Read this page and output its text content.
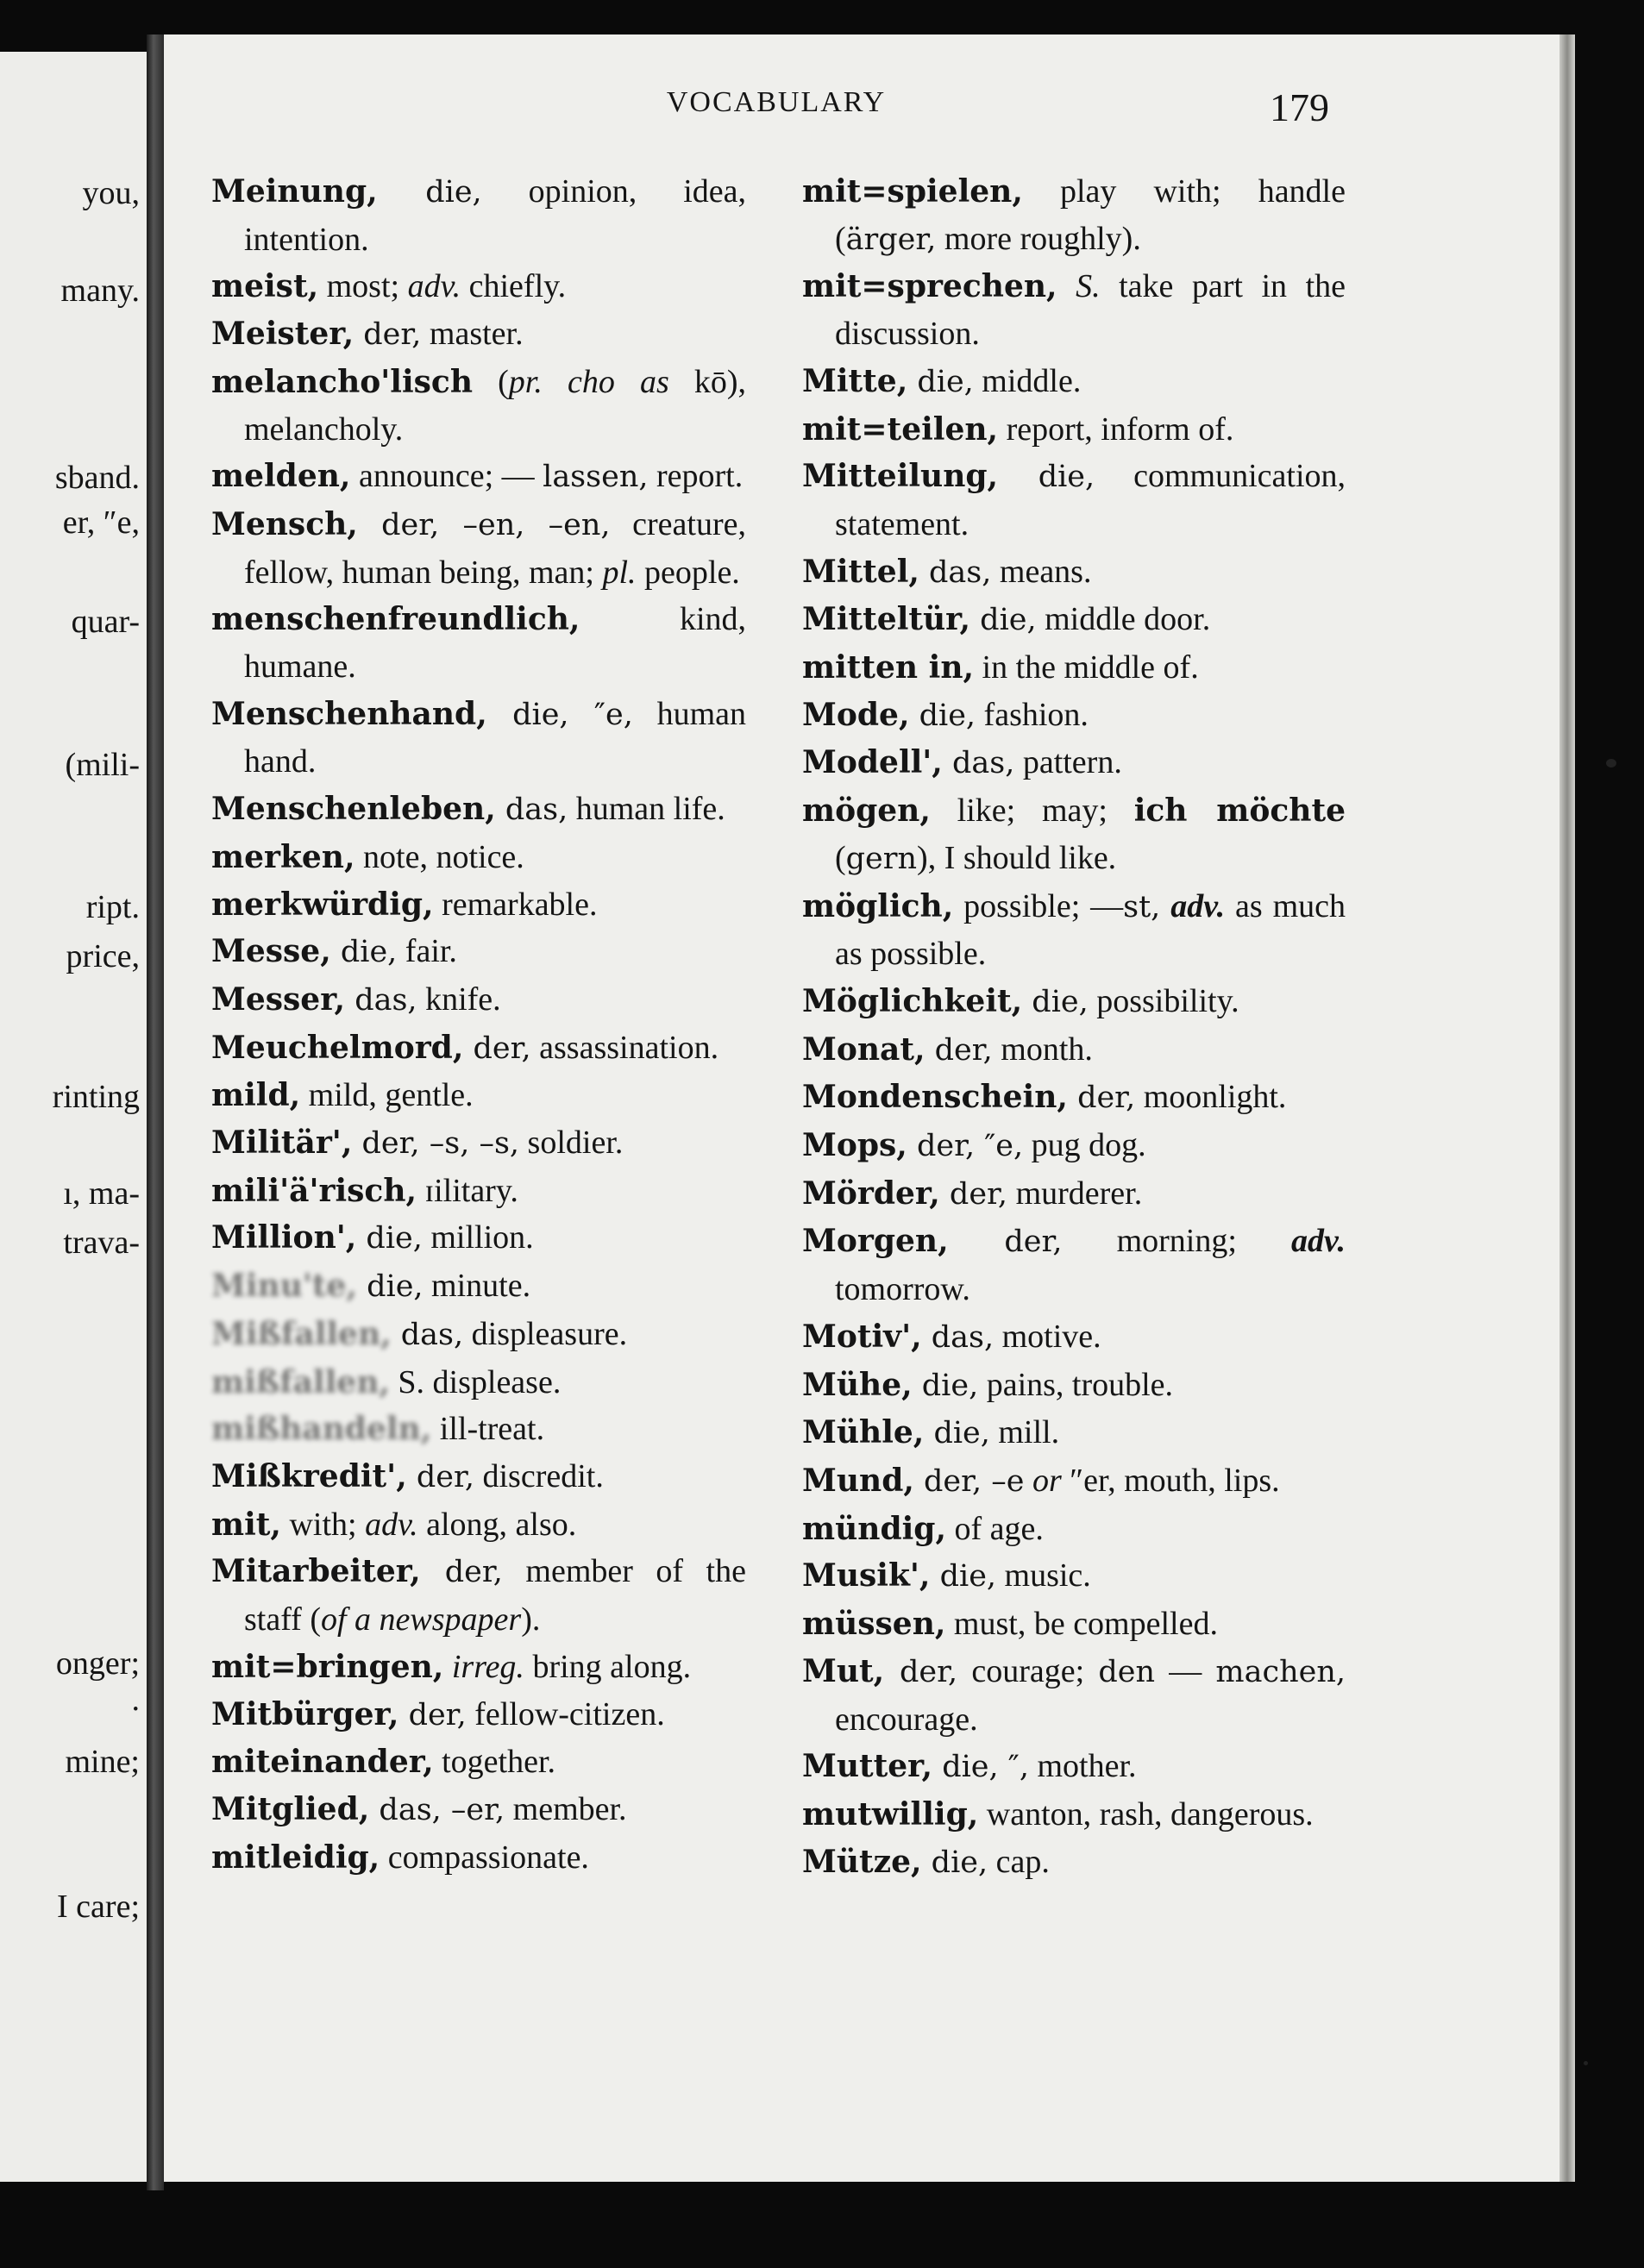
you,
many.
sband.
er, ″e,
quar-
(mili-
ript.
price,
rinting
ı, ma-
trava-
onger;
.
mine;
I care;
VOCABULARY	179
Meinung, die, opinion, idea, intention.
meist, most; adv. chiefly.
Meister, der, master.
melancho'lisch (pr. cho as kō), melancholy.
melden, announce; — lassen, report.
Mensch, der, –en, –en, creature, fellow, human being, man; pl. people.
menschenfreundlich, kind, humane.
Menschenhand, die, ″e, human hand.
Menschenleben, das, human life.
merken, note, notice.
merkwürdig, remarkable.
Messe, die, fair.
Messer, das, knife.
Meuchelmord, der, assassination.
mild, mild, gentle.
Militär', der, –s, –s, soldier.
mili'ä'risch, ɪilitary.
Million', die, million.
Minu'te, die, minute.
Mißfallen, das, displeasure.
mißfallen, S. displease.
mißhandeln, ill-treat.
Mißkredit', der, discredit.
mit, with; adv. along, also.
Mitarbeiter, der, member of the staff (of a newspaper).
mit=bringen, irreg. bring along.
Mitbürger, der, fellow-citizen.
miteinander, together.
Mitglied, das, –er, member.
mitleidig, compassionate.
mit=spielen, play with; handle (ärger, more roughly).
mit=sprechen, S. take part in the discussion.
Mitte, die, middle.
mit=teilen, report, inform of.
Mitteilung, die, communication, statement.
Mittel, das, means.
Mitteltür, die, middle door.
mitten in, in the middle of.
Mode, die, fashion.
Modell', das, pattern.
mögen, like; may; ich möchte (gern), I should like.
möglich, possible; —st, adv. as much as possible.
Möglichkeit, die, possibility.
Monat, der, month.
Mondenschein, der, moonlight.
Mops, der, ″e, pug dog.
Mörder, der, murderer.
Morgen, der, morning; adv. tomorrow.
Motiv', das, motive.
Mühe, die, pains, trouble.
Mühle, die, mill.
Mund, der, –e or ″er, mouth, lips.
mündig, of age.
Musik', die, music.
müssen, must, be compelled.
Mut, der, courage; den — machen, encourage.
Mutter, die, ″, mother.
mutwillig, wanton, rash, dangerous.
Mütze, die, cap.
